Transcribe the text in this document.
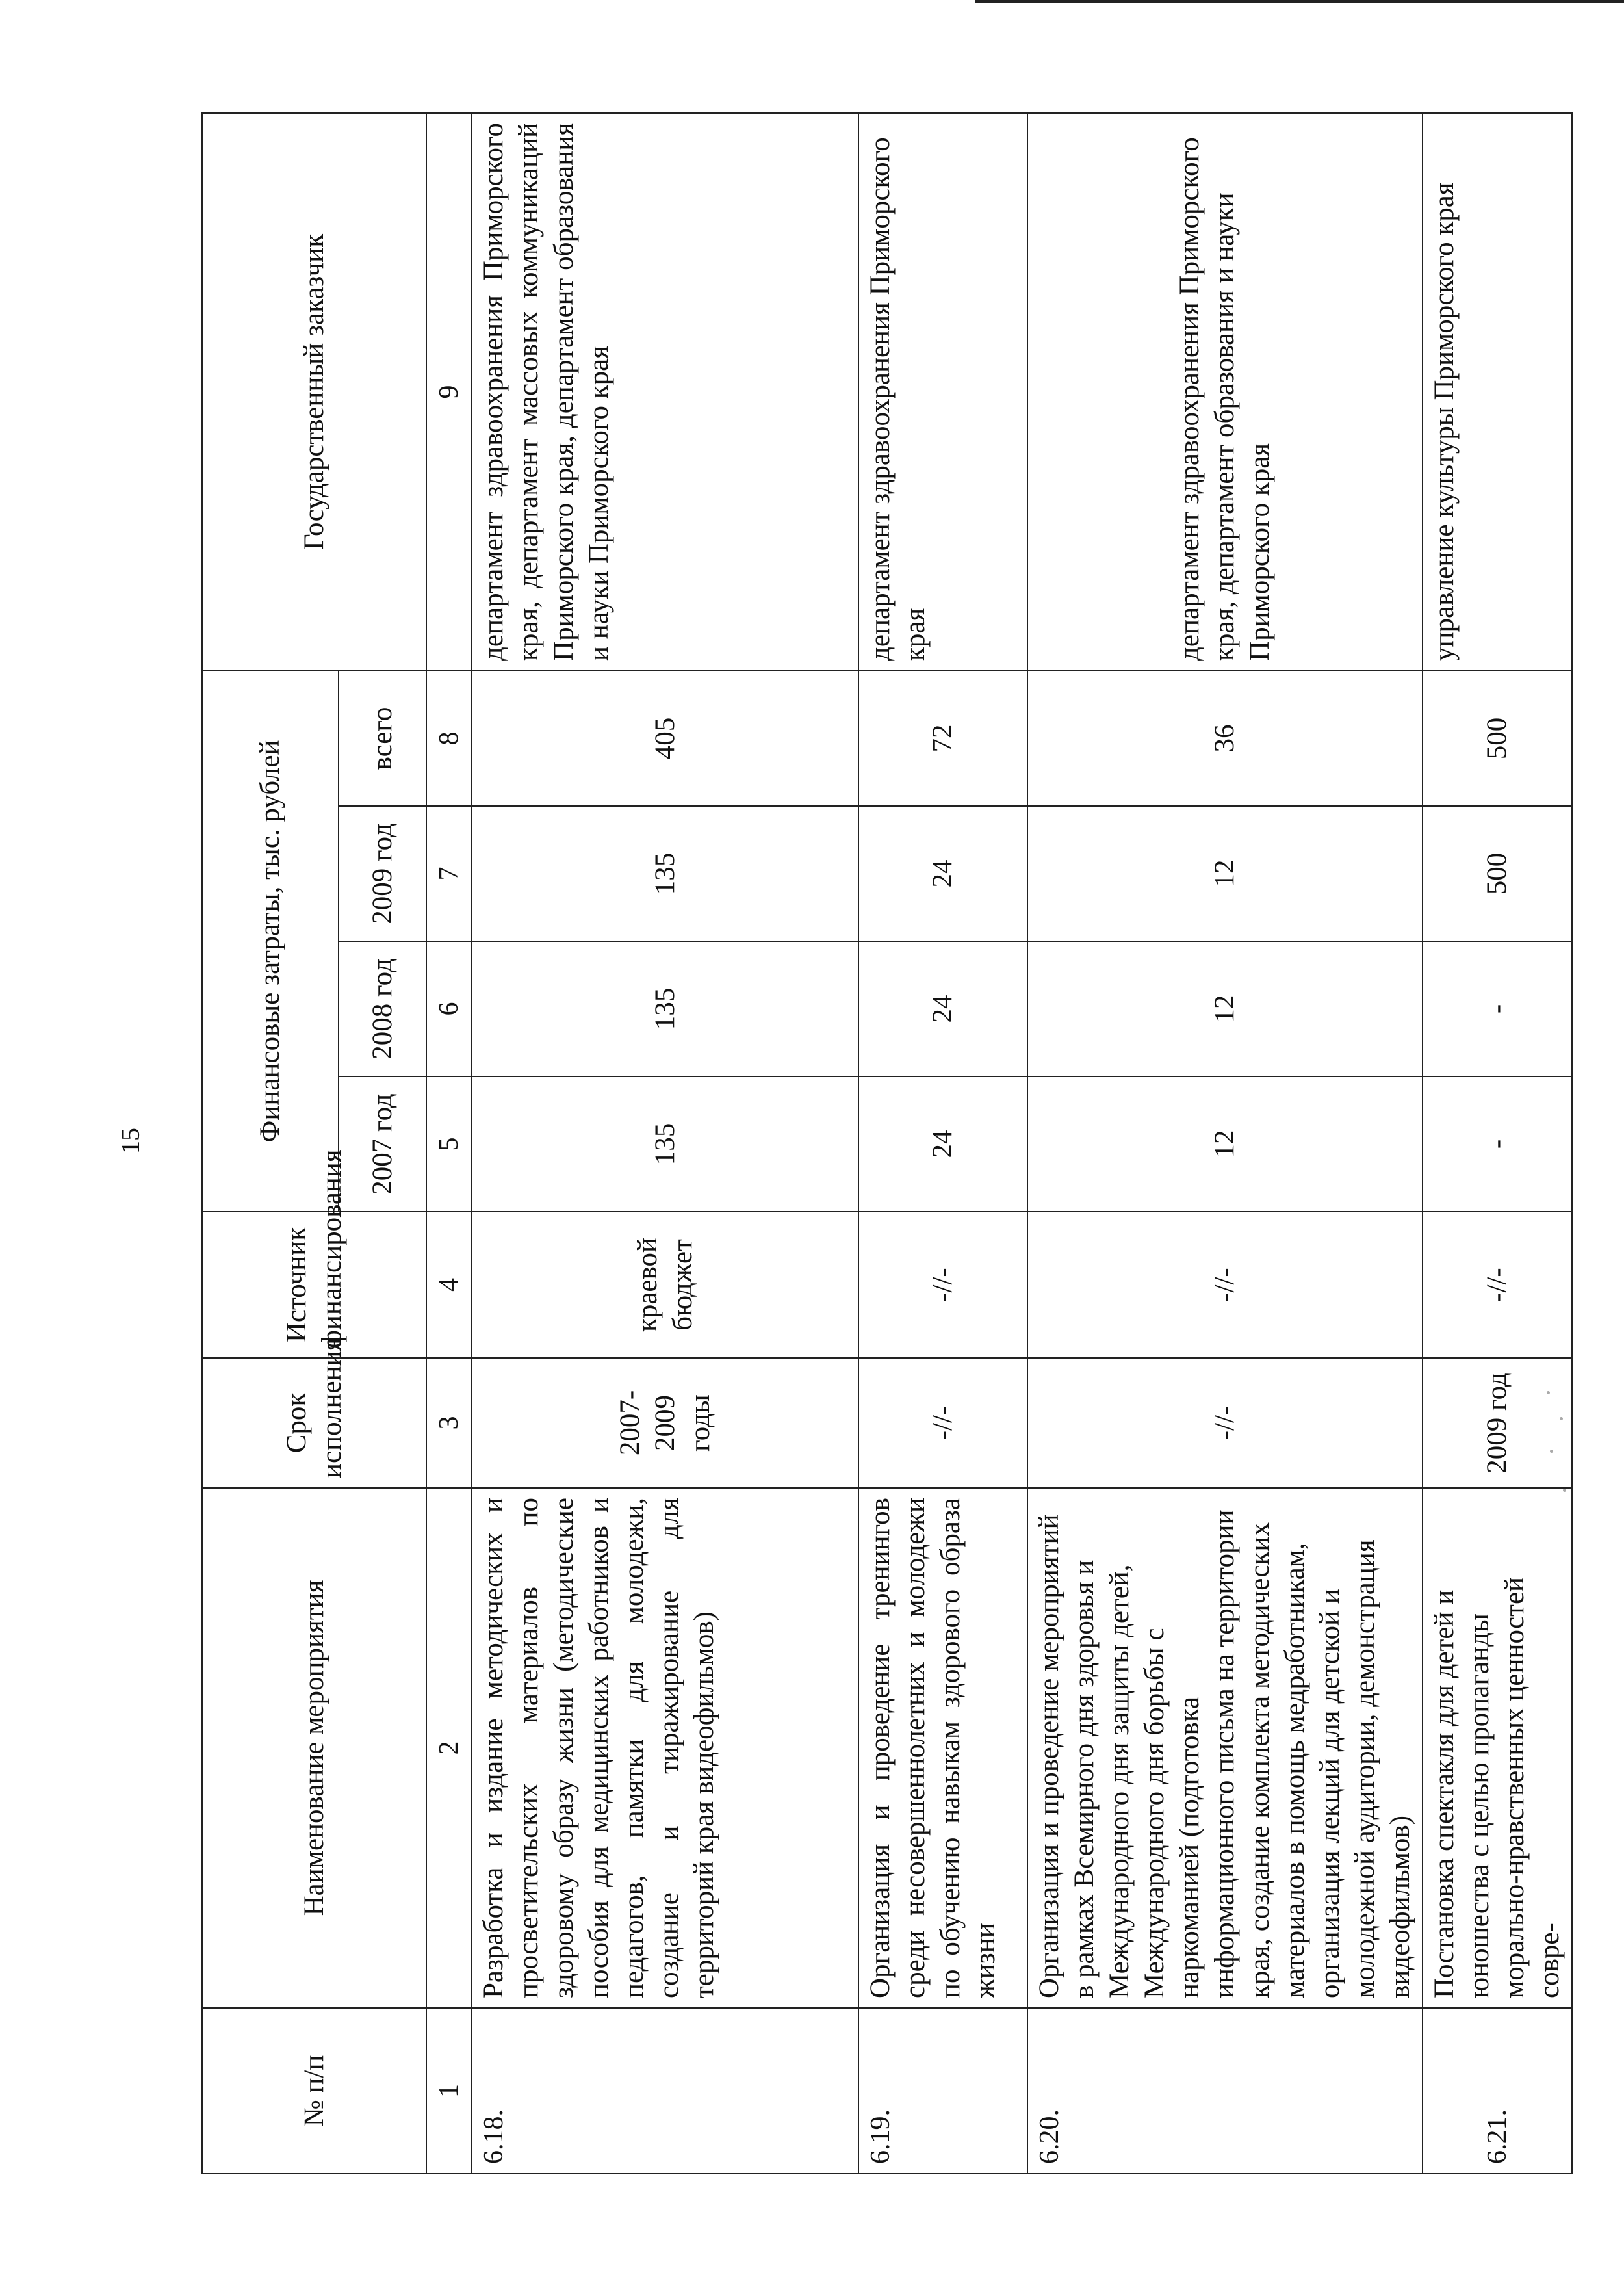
15
№ п/п	Наименование мероприятия	Срок исполнения	Источник финансирования	Финансовые затраты, тыс. рублей				Государственный заказчик
				2007 год	2008 год	2009 год	всего	
1	2	3	4	5	6	7	8	9
6.18.	Разработка и издание методических и просветительских материалов по здоровому образу жизни (методические пособия для медицинских работников и педагогов, памятки для молодежи, создание и тиражирование для территорий края видеофильмов)	2007-2009 годы	краевой бюджет	135	135	135	405	департамент здравоохранения Приморского края, департамент массовых коммуникаций Приморского края, департамент образования и науки Приморского края
6.19.	Организация и проведение тренингов среди несовершеннолетних и молодежи по обучению навыкам здорового образа жизни	-//-	-//-	24	24	24	72	департамент здравоохранения Приморского края
6.20.	Организация и проведение мероприятий в рамках Всемирного дня здоровья и Международного дня защиты детей, Международного дня борьбы с наркоманией (подготовка информационного письма на территории края, создание комплекта методических материалов в помощь медработникам, организация лекций для детской и молодежной аудитории, демонстрация видеофильмов)	-//-	-//-	12	12	12	36	департамент здравоохранения Приморского края, департамент образования и науки Приморского края
6.21.	Постановка спектакля для детей и юношества с целью пропаганды морально-нравственных ценностей совре-	2009 год	-//-	-	-	500	500	управление культуры Приморского края
